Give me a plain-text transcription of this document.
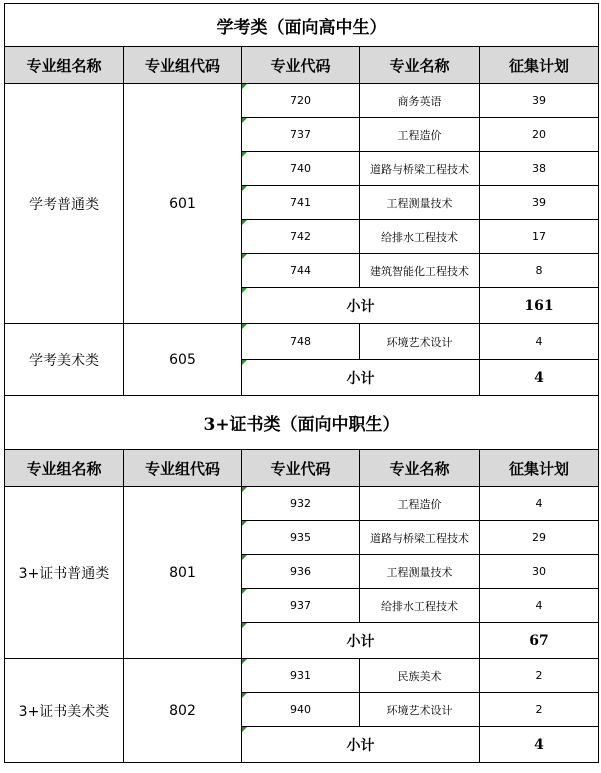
学考类（面向高中生）				
专业组名称	专业组代码	专业代码	专业名称	征集计划
学考普通类	601	720	商务英语	39
		737	工程造价	20
		740	道路与桥梁工程技术	38
		741	工程测量技术	39
		742	给排水工程技术	17
		744	建筑智能化工程技术	8
		小计		161
学考美术类	605	748	环境艺术设计	4
		小计		4
3+证书类（面向中职生）				
专业组名称	专业组代码	专业代码	专业名称	征集计划
3+证书普通类	801	932	工程造价	4
		935	道路与桥梁工程技术	29
		936	工程测量技术	30
		937	给排水工程技术	4
		小计		67
3+证书美术类	802	931	民族美术	2
		940	环境艺术设计	2
		小计		4
